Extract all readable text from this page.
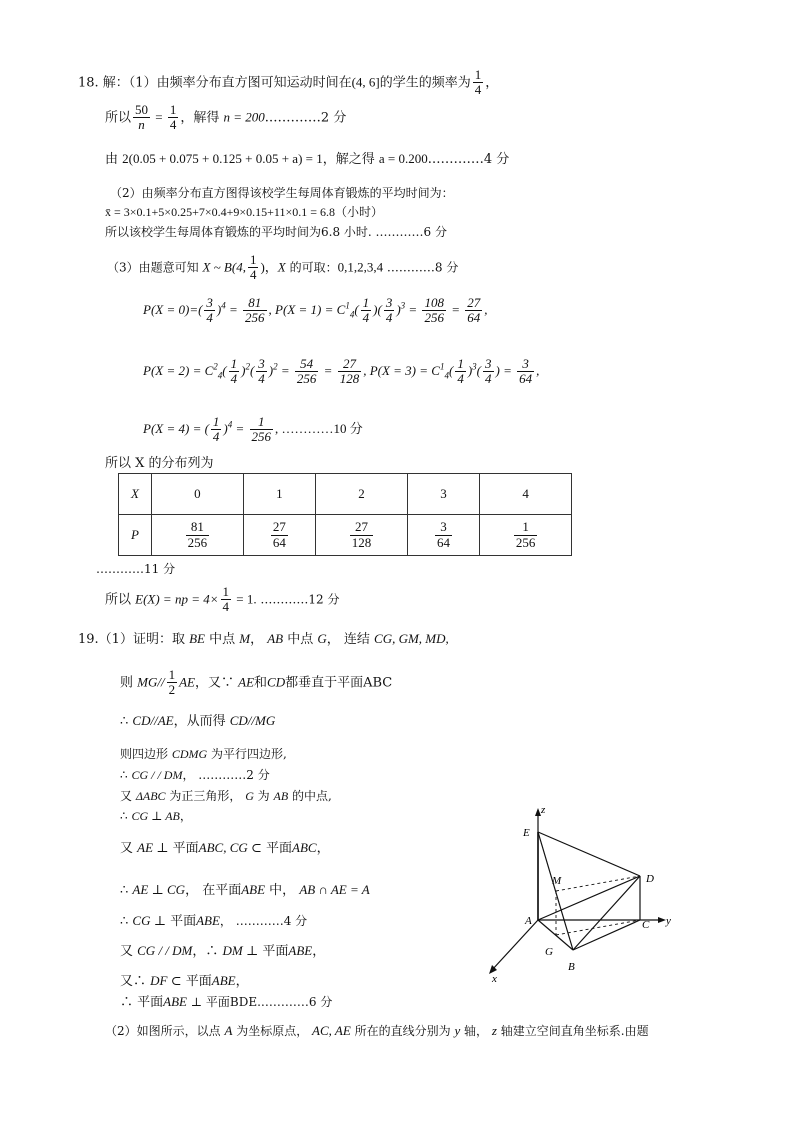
18. 解：（1）由频率分布直方图可知运动时间在(4, 6]的学生的频率为 $\frac{1}{4}$ ，
所以 $\frac{50}{n} = \frac{1}{4}$ ，解得 n = 200.…………2 分
由 2(0.05 + 0.075 + 0.125 + 0.05 + a) = 1，解之得 a = 0.200.…………4 分
（2）由频率分布直方图得该校学生每周体育锻炼的平均时间为：
x̄ = 3×0.1+5×0.25+7×0.4+9×0.15+11×0.1 = 6.8（小时）
所以该校学生每周体育锻炼的平均时间为6.8 小时. …………6 分
（3）由题意可知 X ~ B(4, $\frac{1}{4}$ )，X 的可取：0,1,2,3,4 …………8 分
$P(X = 0)=( \frac{3}{4} )^4 = \frac{81}{256}$ , $P(X = 1) = C^1_4( \frac{1}{4}$ )( $\frac{3}{4} )^3 = \frac{108}{256} = \frac{27}{64}$ ,
$P(X = 2) = C^2_4( \frac{1}{4} )^2( \frac{3}{4} )^2 = \frac{54}{256} = \frac{27}{128}$ , $P(X = 3) = C^1_4( \frac{1}{4} )^3( \frac{3}{4}$ ) = $\frac{3}{64}$ ,
P(X = 4) = ( $\frac{1}{4} )^4 = \frac{1}{256}$ , …………10 分
所以 X 的分布列为
X	0	1	2	3	4
P	$\frac{81}{256}$	$\frac{27}{64}$	$\frac{27}{128}$	$\frac{3}{64}$	$\frac{1}{256}$
…………11 分
所以 E(X) = np = $4\times \frac{1}{4} = 1$. …………12 分
19.（1）证明：取 BE 中点 M， AB 中点 G， 连结 CG, GM, MD,
则 $MG// \frac{1}{2}$ AE，又∵ AE和CD都垂直于平面ABC
∴ CD//AE，从而得 CD//MG
则四边形 CDMG 为平行四边形,
∴ CG / / DM， …………2 分
又 ΔABC 为正三角形， G 为 AB 的中点,
∴ CG ⊥ AB，
又 AE ⊥ 平面ABC, CG ⊂ 平面ABC，
∴ AE ⊥ CG， 在平面ABE 中， AB ∩ AE = A
∴ CG ⊥ 平面ABE， …………4 分
又 CG / / DM，∴ DM ⊥ 平面ABE，
又∴ DF ⊂ 平面ABE，
∴ 平面ABE ⊥ 平面BDE.…………6 分
（2）如图所示，以点 A 为坐标原点， AC, AE 所在的直线分别为 y 轴， z 轴建立空间直角坐标系.由题
z
E
D
M
A	C y
G
B
x
